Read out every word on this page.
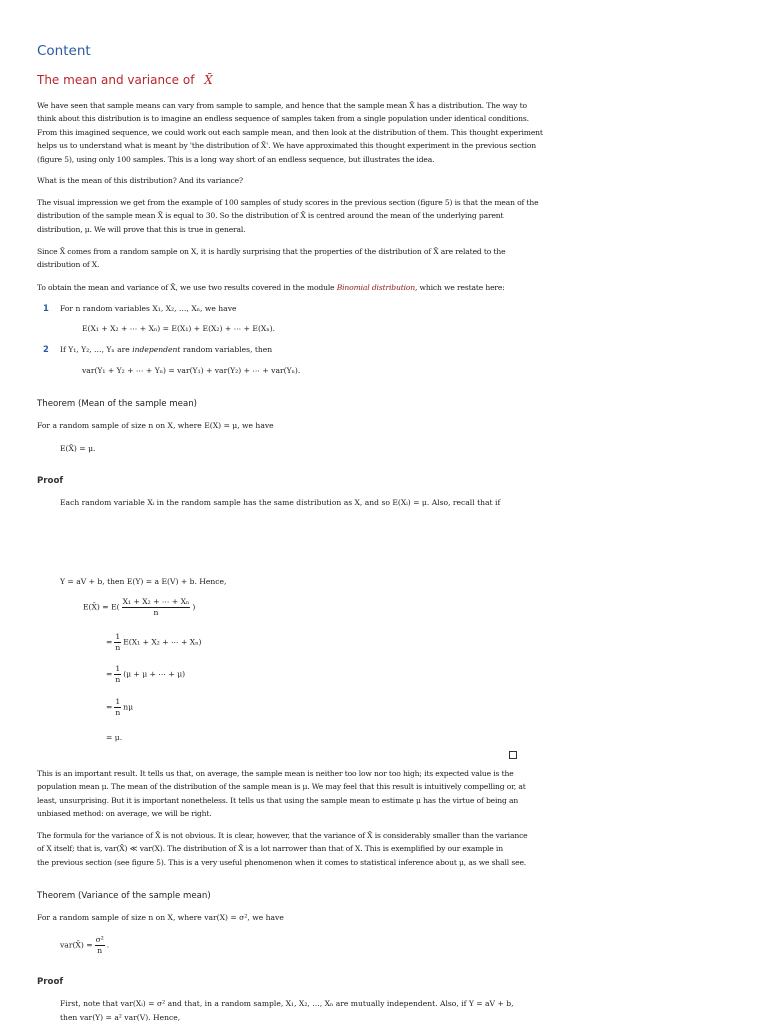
Content
The mean and variance of X̄

We have seen that sample means can vary from sample to sample, and hence that the sample mean X̄ has a distribution. The way to

think about this distribution is to imagine an endless sequence of samples taken from a single population under identical conditions.

From this imagined sequence, we could work out each sample mean, and then look at the distribution of them. This thought experiment

helps us to understand what is meant by 'the distribution of X̄'. We have approximated this thought experiment in the previous section

(figure 5), using only 100 samples. This is a long way short of an endless sequence, but illustrates the idea.

What is the mean of this distribution? And its variance?

The visual impression we get from the example of 100 samples of study scores in the previous section (figure 5) is that the mean of the

distribution of the sample mean X̄ is equal to 30. So the distribution of X̄ is centred around the mean of the underlying parent

distribution, μ. We will prove that this is true in general.

Since X̄ comes from a random sample on X, it is hardly surprising that the properties of the distribution of X̄ are related to the

distribution of X.

To obtain the mean and variance of X̄, we use two results covered in the module Binomial distribution, which we restate here:

1 For n random variables X₁, X₂, …, Xₙ, we have
E(X₁ + X₂ + ⋯ + Xₙ) = E(X₁) + E(X₂) + ⋯ + E(Xₙ).
2 If Y₁, Y₂, …, Yₙ are independent random variables, then
var(Y₁ + Y₂ + ⋯ + Yₙ) = var(Y₁) + var(Y₂) + ⋯ + var(Yₙ).
Theorem (Mean of the sample mean)
For a random sample of size n on X, where E(X) = μ, we have
E(X̄) = μ.
Proof
Each random variable Xᵢ in the random sample has the same distribution as X, and so E(Xᵢ) = μ. Also, recall that if
Y = aV + b, then E(Y) = a E(V) + b. Hence,
E(X̄) = $E( \frac{\text{X₁ + X₂ + ⋯ + Xₙ}}{n}$ )
= $\frac{1}{n} E(X_1 + X_2$ + ⋯ + Xₙ)
= $\frac{1}{n} (\mu + \mu$ + ⋯ + μ)
= $\frac{1}{n}$ nμ
= μ.

This is an important result. It tells us that, on average, the sample mean is neither too low nor too high; its expected value is the

population mean μ. The mean of the distribution of the sample mean is μ. We may feel that this result is intuitively compelling or, at

least, unsurprising. But it is important nonetheless. It tells us that using the sample mean to estimate μ has the virtue of being an

unbiased method: on average, we will be right.

The formula for the variance of X̄ is not obvious. It is clear, however, that the variance of X̄ is considerably smaller than the variance

of X itself; that is, var(X̄) ≪ var(X). The distribution of X̄ is a lot narrower than that of X. This is exemplified by our example in

the previous section (see figure 5). This is a very useful phenomenon when it comes to statistical inference about μ, as we shall see.

Theorem (Variance of the sample mean)
For a random sample of size n on X, where var(X) = σ², we have
var(X̄) = $\frac{\text{σ²}}{n}$ .
Proof
First, note that var(Xᵢ) = σ² and that, in a random sample, X₁, X₂, …, Xₙ are mutually independent. Also, if Y = aV + b,
then var(Y) = a² var(V). Hence,
